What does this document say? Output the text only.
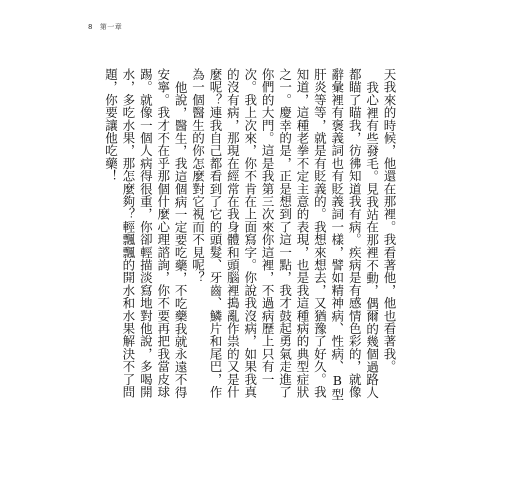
8 第一章

天我來的時候，他還在那裡。我看著他，他也看著我。

我心裡有些發毛。見我站在那裡不動，偶爾的幾個過路人都瞄了瞄我，彷彿知道我有病。疾病是有感情色彩的，就像辭彙裡有褒義詞也有貶義詞一樣，譬如精神病、性病、B型肝炎等等，就是有貶義的。我想來想去，又猶豫了好久。我知道，這種老拳不定主意的表現，也是我這種病的典型症狀之一。慶幸的是，正是想到了這一點，我才鼓起勇氣走進了你們的大門。這是我第三次來你這裡，不過病歷上只有一次。我上次來，你不肯在上面寫字。你說我沒病，如果我真的沒有病，那現在經常在我身體和頭腦裡搗亂作祟的又是什麼呢？連我自己都看到了它的頭髮、牙齒、鱗片和尾巴，作為一個醫生的你怎麼對它視而不見呢？

他說，醫生，我這個病一定要吃藥，不吃藥我就永遠不得安寧。我才不在乎那個什麼心理諮詢，你不要再把我當皮球踢。就像一個人病得很重，你卻輕描淡寫地對他說，多喝開水，多吃水果，那怎麼夠？輕飄飄的開水和水果解決不了問題，你要讓他吃藥！
